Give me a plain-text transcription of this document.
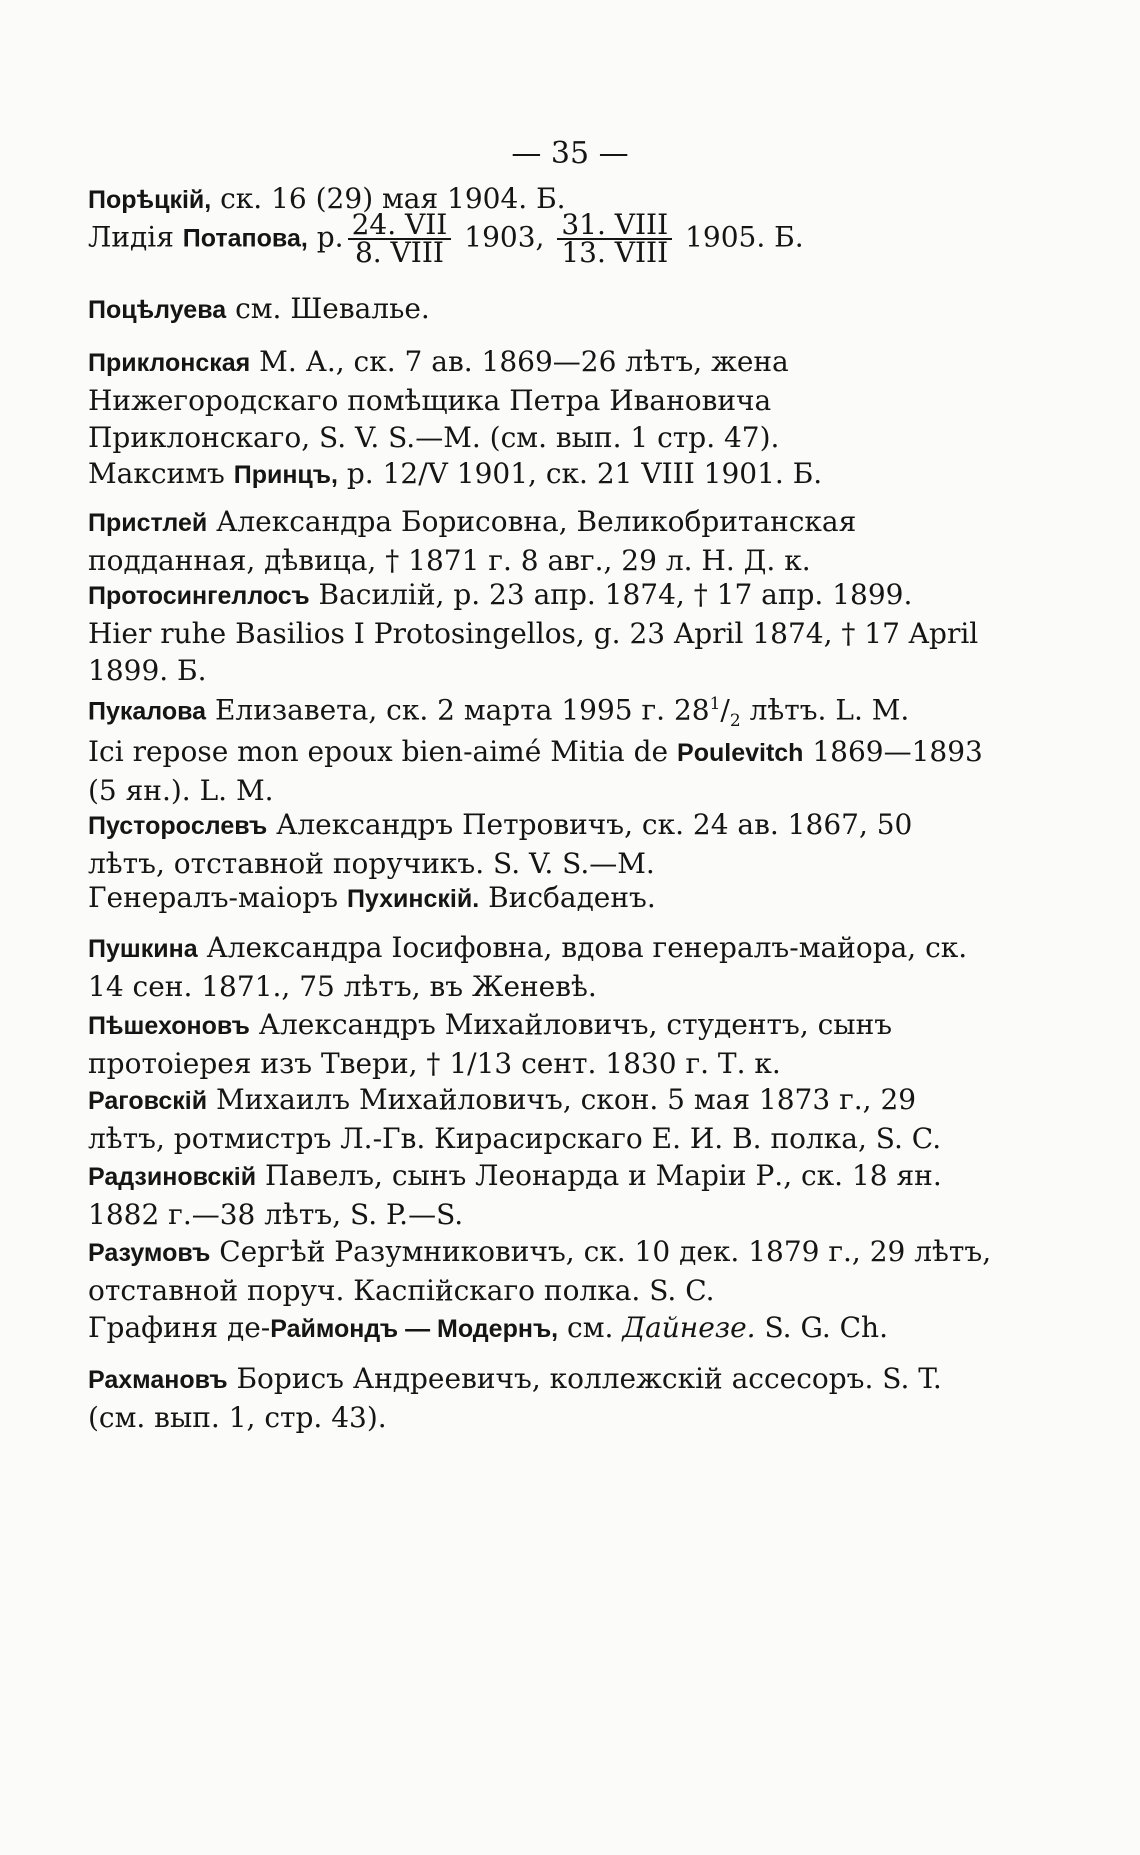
— 35 —
Порѣцкій, ск. 16 (29) мая 1904. Б.
Лидія Потапова, р. $\frac{\text{24. VII}}{\text{8. VIII}} 1903$, $\frac{\text{31. VIII}}{\text{13. VIII}} 1905$. Б.
Поцѣлуева см. Шевалье.
Приклонская М. А., ск. 7 ав. 1869—26 лѣтъ, жена Нижегородскаго помѣщика Петра Ивановича Приклонскаго, S. V. S.—М. (см. вып. 1 стр. 47).
Максимъ Принцъ, р. 12/V 1901, ск. 21 VIII 1901. Б.
Пристлей Александра Борисовна, Великобританская подданная, дѣвица, † 1871 г. 8 авг., 29 л. Н. Д. к.
Протосингеллосъ Василій, р. 23 апр. 1874, † 17 апр. 1899.
Hier ruhe Basilios I Protosingellos, g. 23 April 1874, † 17 April 1899. Б.
Пукалова Елизавета, ск. 2 марта 1995 г. $28^1/_2$ лѣтъ. L. M.
Ici repose mon epoux bien-aimé Mitia de Poulevitch 1869—1893 (5 ян.). L. M.
Пустороcлевъ Александръ Петровичъ, ск. 24 ав. 1867, 50 лѣтъ, отставной поручикъ. S. V. S.—М.
Генералъ-маіоръ Пухинскій. Висбаденъ.
Пушкина Александра Іосифовна, вдова генералъ-майора, ск. 14 сен. 1871., 75 лѣтъ, въ Женевѣ.
Пѣшехоновъ Александръ Михайловичъ, студентъ, сынъ протоіерея изъ Твери, † 1/13 сент. 1830 г. Т. к.
Раговскій Михаилъ Михайловичъ, скон. 5 мая 1873 г., 29 лѣтъ, ротмистръ Л.-Гв. Кирасирскаго Е. И. В. полка, S. C.
Радзиновскій Павелъ, сынъ Леонарда и Маріи Р., ск. 18 ян. 1882 г.—38 лѣтъ, S. P.—S.
Разумовъ Сергѣй Разумниковичъ, ск. 10 дек. 1879 г., 29 лѣтъ, отставной поруч. Каспійскаго полка. S. C.
Графиня де-Раймондъ — Модернъ, см. Дайнезе. S. G. Ch.
Рахмановъ Борисъ Андреевичъ, коллежскій ассесоръ. S. T. (см. вып. 1, стр. 43).
